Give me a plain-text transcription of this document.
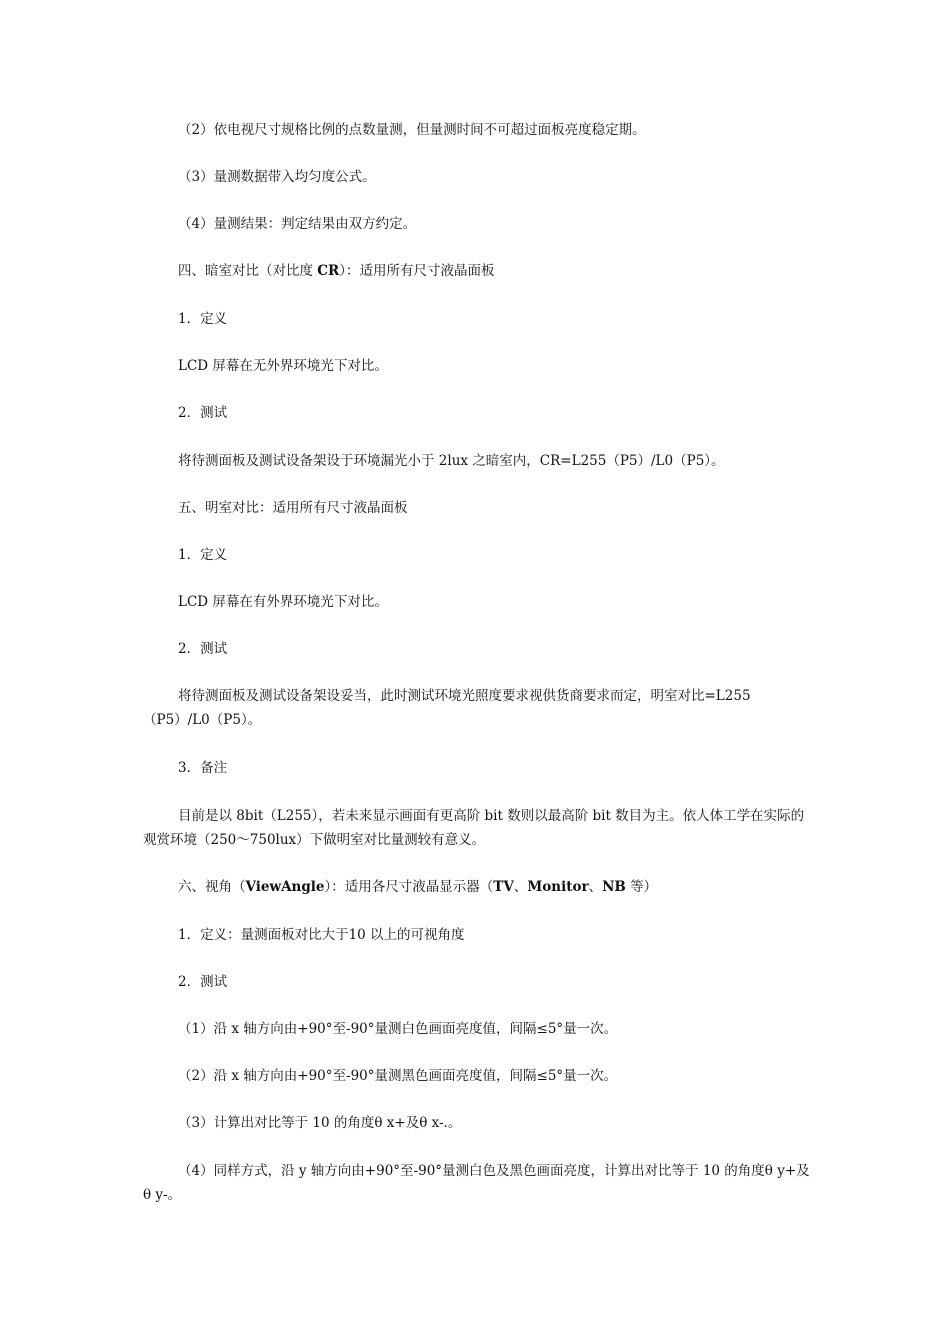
（2）依电视尺寸规格比例的点数量测，但量测时间不可超过面板亮度稳定期。

（3）量测数据带入均匀度公式。

（4）量测结果：判定结果由双方约定。

四、暗室对比（对比度 CR）：适用所有尺寸液晶面板

1．定义

LCD 屏幕在无外界环境光下对比。

2．测试

将待测面板及测试设备架设于环境漏光小于 2lux 之暗室内，CR=L255（P5）/L0（P5）。

五、明室对比：适用所有尺寸液晶面板

1．定义

LCD 屏幕在有外界环境光下对比。

2．测试

将待测面板及测试设备架设妥当，此时测试环境光照度要求视供货商要求而定，明室对比=L255（P5）/L0（P5）。

3．备注

目前是以 8bit（L255），若未来显示画面有更高阶 bit 数则以最高阶 bit 数目为主。依人体工学在实际的观赏环境（250～750lux）下做明室对比量测较有意义。

六、视角（ViewAngle）：适用各尺寸液晶显示器（TV、Monitor、NB 等）

1．定义：量测面板对比大于10 以上的可视角度

2．测试

（1）沿 x 轴方向由+90°至-90°量测白色画面亮度值，间隔≤5°量一次。

（2）沿 x 轴方向由+90°至-90°量测黑色画面亮度值，间隔≤5°量一次。

（3）计算出对比等于 10 的角度θ x+及θ x-.。

（4）同样方式，沿 y 轴方向由+90°至-90°量测白色及黑色画面亮度，计算出对比等于 10 的角度θ y+及θ y-。
